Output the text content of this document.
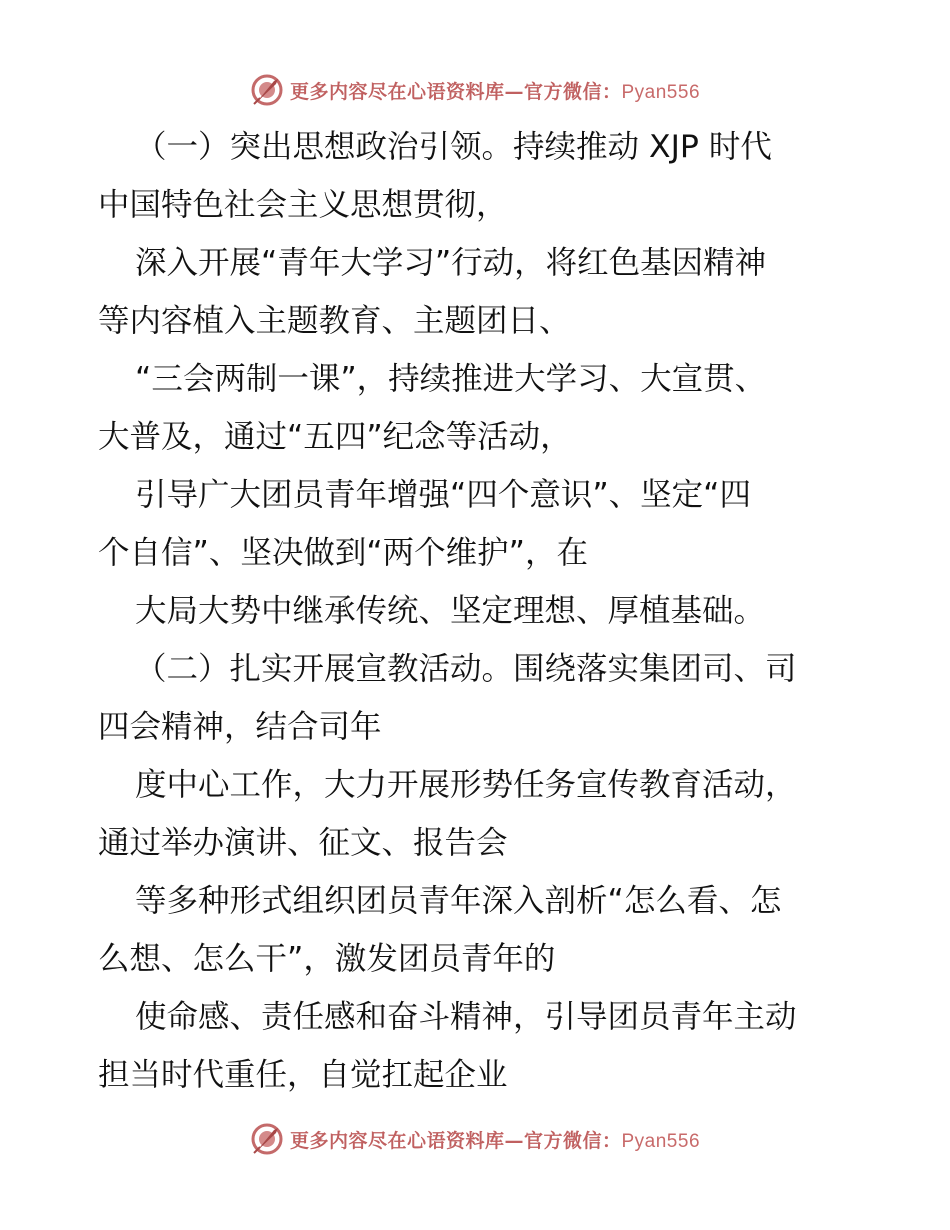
更多内容尽在心语资料库—官方微信：Pyan556
（一）突出思想政治引领。持续推动 XJP 时代
中国特色社会主义思想贯彻，
深入开展“青年大学习”行动，将红色基因精神
等内容植入主题教育、主题团日、
“三会两制一课”，持续推进大学习、大宣贯、
大普及，通过“五四”纪念等活动，
引导广大团员青年增强“四个意识”、坚定“四
个自信”、坚决做到“两个维护”，在
大局大势中继承传统、坚定理想、厚植基础。
（二）扎实开展宣教活动。围绕落实集团司、司
四会精神，结合司年
度中心工作，大力开展形势任务宣传教育活动，
通过举办演讲、征文、报告会
等多种形式组织团员青年深入剖析“怎么看、怎
么想、怎么干”，激发团员青年的
使命感、责任感和奋斗精神，引导团员青年主动
担当时代重任，自觉扛起企业
更多内容尽在心语资料库—官方微信：Pyan556
